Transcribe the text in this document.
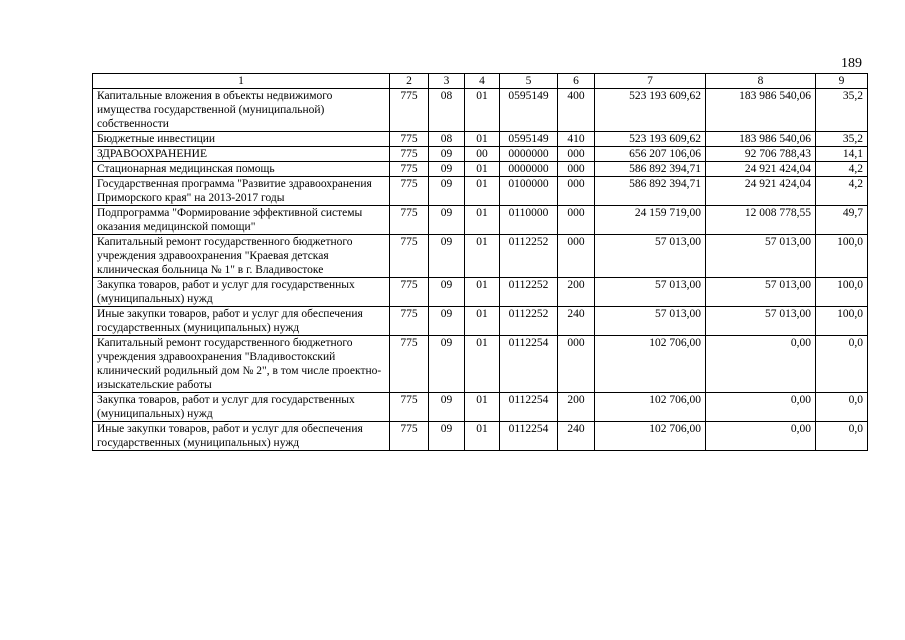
189
1	2	3	4	5	6	7	8	9
Капитальные вложения в объекты недвижимого имущества государственной (муниципальной) собственности	775	08	01	0595149	400	523 193 609,62	183 986 540,06	35,2
Бюджетные инвестиции	775	08	01	0595149	410	523 193 609,62	183 986 540,06	35,2
ЗДРАВООХРАНЕНИЕ	775	09	00	0000000	000	656 207 106,06	92 706 788,43	14,1
Стационарная медицинская помощь	775	09	01	0000000	000	586 892 394,71	24 921 424,04	4,2
Государственная программа "Развитие здравоохранения Приморского края" на 2013-2017 годы	775	09	01	0100000	000	586 892 394,71	24 921 424,04	4,2
Подпрограмма "Формирование эффективной системы оказания медицинской помощи"	775	09	01	0110000	000	24 159 719,00	12 008 778,55	49,7
Капитальный ремонт государственного бюджетного учреждения здравоохранения "Краевая детская клиническая больница № 1" в г. Владивостоке	775	09	01	0112252	000	57 013,00	57 013,00	100,0
Закупка товаров, работ и услуг для государственных (муниципальных) нужд	775	09	01	0112252	200	57 013,00	57 013,00	100,0
Иные закупки товаров, работ и услуг для обеспечения государственных (муниципальных) нужд	775	09	01	0112252	240	57 013,00	57 013,00	100,0
Капитальный ремонт государственного бюджетного учреждения здравоохранения "Владивостокский клинический родильный дом № 2", в том числе проектно-изыскательские работы	775	09	01	0112254	000	102 706,00	0,00	0,0
Закупка товаров, работ и услуг для государственных (муниципальных) нужд	775	09	01	0112254	200	102 706,00	0,00	0,0
Иные закупки товаров, работ и услуг для обеспечения государственных (муниципальных) нужд	775	09	01	0112254	240	102 706,00	0,00	0,0
